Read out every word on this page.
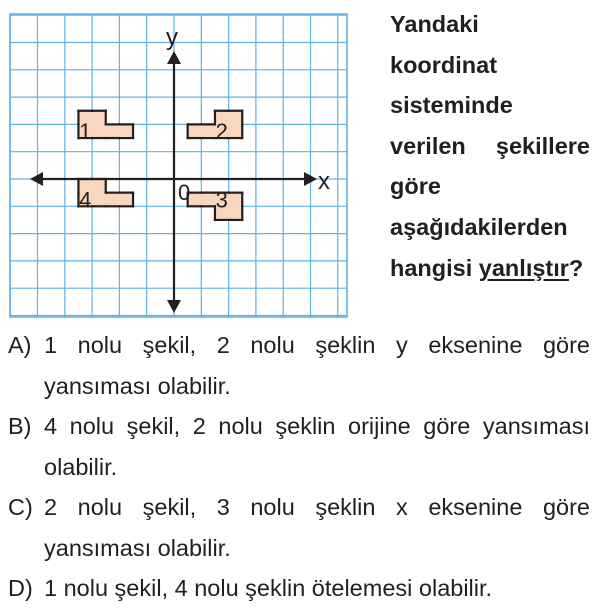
1	2
3
4
y
x
0
Yandaki koordinat sisteminde verilen şekillere göre aşağıdakilerden hangisi yanlıştır?
A) 1 nolu şekil, 2 nolu şeklin y eksenine göre yansıması olabilir.
B) 4 nolu şekil, 2 nolu şeklin orijine göre yansıması olabilir.
C) 2 nolu şekil, 3 nolu şeklin x eksenine göre yansıması olabilir.
D) 1 nolu şekil, 4 nolu şeklin ötelemesi olabilir.
